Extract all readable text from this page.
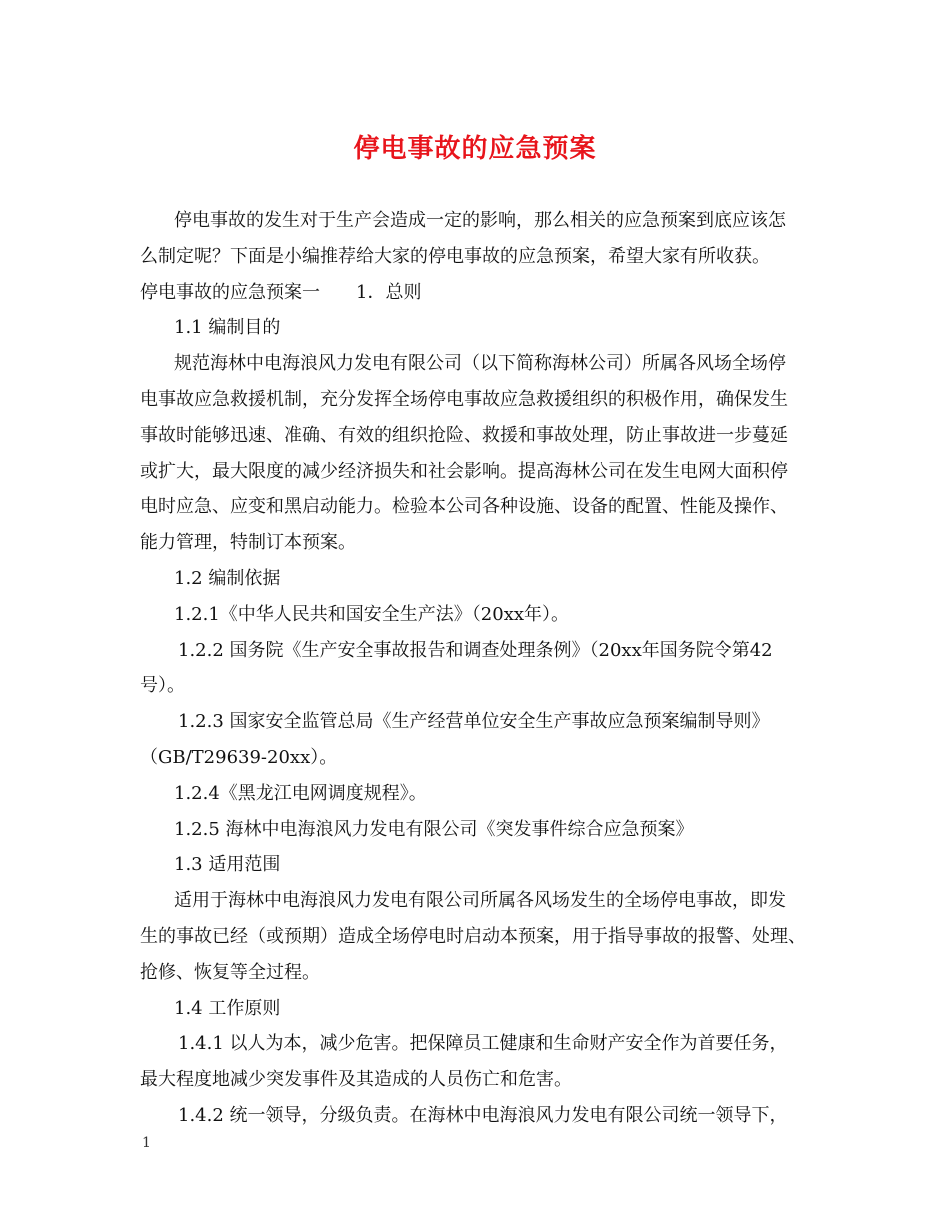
停电事故的应急预案
停电事故的发生对于生产会造成一定的影响，那么相关的应急预案到底应该怎
么制定呢？下面是小编推荐给大家的停电事故的应急预案，希望大家有所收获。
停电事故的应急预案一 1．总则
1.1 编制目的
规范海林中电海浪风力发电有限公司（以下简称海林公司）所属各风场全场停
电事故应急救援机制，充分发挥全场停电事故应急救援组织的积极作用，确保发生
事故时能够迅速、准确、有效的组织抢险、救援和事故处理，防止事故进一步蔓延
或扩大，最大限度的减少经济损失和社会影响。提高海林公司在发生电网大面积停
电时应急、应变和黑启动能力。检验本公司各种设施、设备的配置、性能及操作、
能力管理，特制订本预案。
1.2 编制依据
1.2.1《中华人民共和国安全生产法》（20xx年）。
1.2.2 国务院《生产安全事故报告和调查处理条例》（20xx年国务院令第42
号）。
1.2.3 国家安全监管总局《生产经营单位安全生产事故应急预案编制导则》
（GB/T29639-20xx）。
1.2.4《黑龙江电网调度规程》。
1.2.5 海林中电海浪风力发电有限公司《突发事件综合应急预案》
1.3 适用范围
适用于海林中电海浪风力发电有限公司所属各风场发生的全场停电事故，即发
生的事故已经（或预期）造成全场停电时启动本预案，用于指导事故的报警、处理、
抢修、恢复等全过程。
1.4 工作原则
1.4.1 以人为本，减少危害。把保障员工健康和生命财产安全作为首要任务，
最大程度地减少突发事件及其造成的人员伤亡和危害。
1.4.2 统一领导，分级负责。在海林中电海浪风力发电有限公司统一领导下，
1
